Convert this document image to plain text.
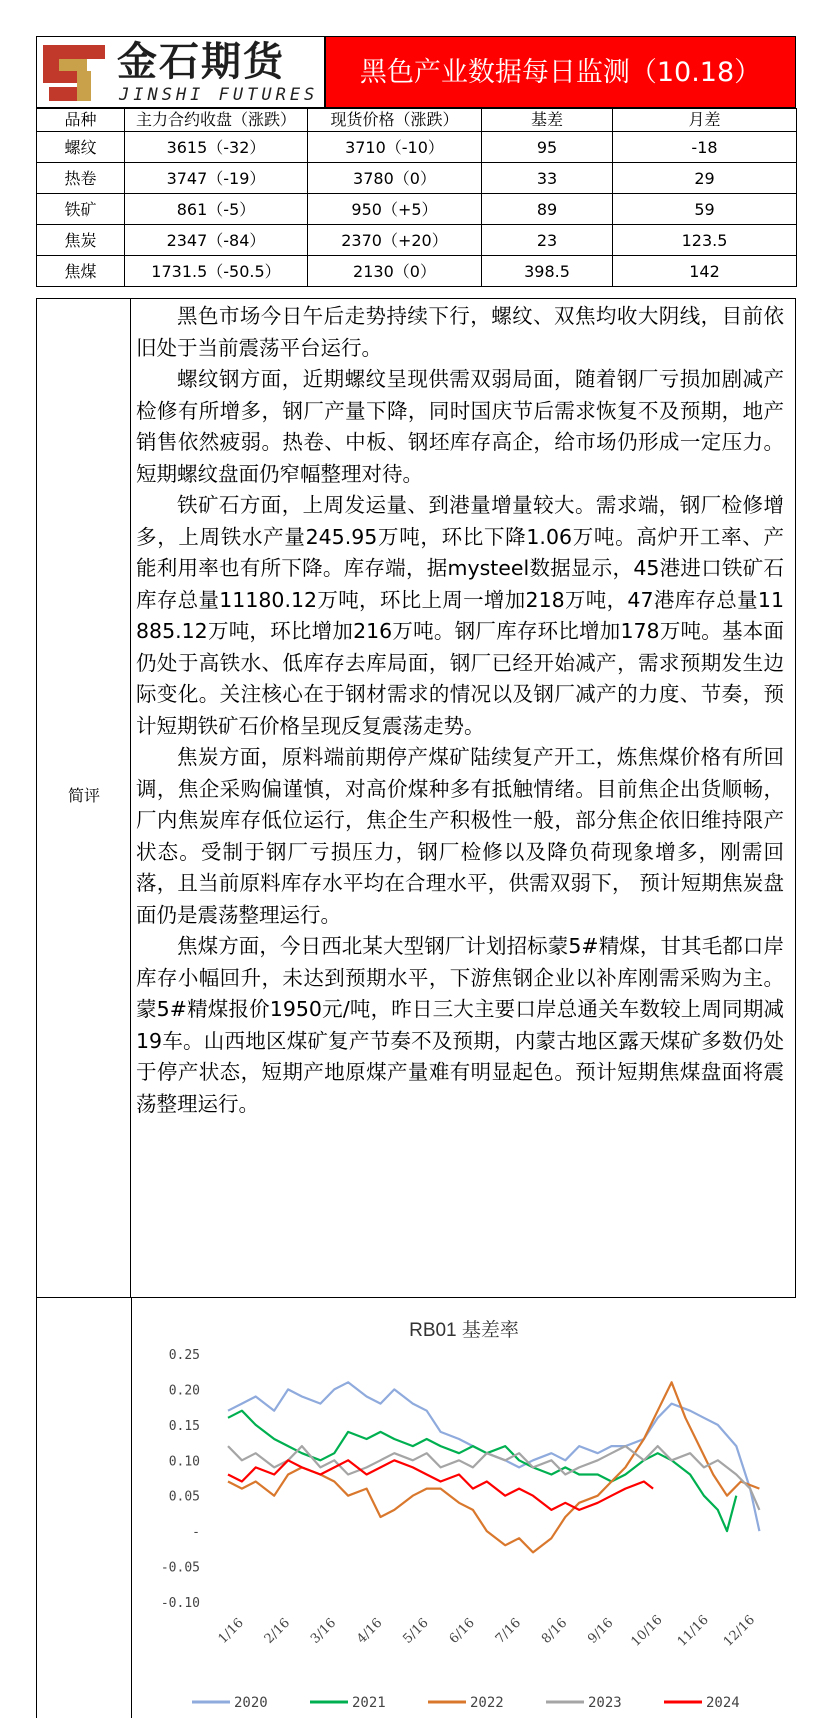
金石期货
JINSHI FUTURES
黑色产业数据每日监测（10.18）
品种	主力合约收盘（涨跌）	现货价格（涨跌）	基差	月差
螺纹	3615（-32）	3710（-10）	95	-18
热卷	3747（-19）	3780（0）	33	29
铁矿	861（-5）	950（+5）	89	59
焦炭	2347（-84）	2370（+20）	23	123.5
焦煤	1731.5（-50.5）	2130（0）	398.5	142
简评

黑色市场今日午后走势持续下行，螺纹、双焦均收大阴线，目前依旧处于当前震荡平台运行。

螺纹钢方面，近期螺纹呈现供需双弱局面，随着钢厂亏损加剧减产检修有所增多，钢厂产量下降，同时国庆节后需求恢复不及预期，地产销售依然疲弱。热卷、中板、钢坯库存高企，给市场仍形成一定压力。短期螺纹盘面仍窄幅整理对待。

铁矿石方面，上周发运量、到港量增量较大。需求端，钢厂检修增多，上周铁水产量245.95万吨，环比下降1.06万吨。高炉开工率、产能利用率也有所下降。库存端，据mysteel数据显示，45港进口铁矿石库存总量11180.12万吨，环比上周一增加218万吨，47港库存总量11885.12万吨，环比增加216万吨。钢厂库存环比增加178万吨。基本面仍处于高铁水、低库存去库局面，钢厂已经开始减产，需求预期发生边际变化。关注核心在于钢材需求的情况以及钢厂减产的力度、节奏，预计短期铁矿石价格呈现反复震荡走势。

焦炭方面，原料端前期停产煤矿陆续复产开工，炼焦煤价格有所回调，焦企采购偏谨慎，对高价煤种多有抵触情绪。目前焦企出货顺畅，厂内焦炭库存低位运行，焦企生产积极性一般，部分焦企依旧维持限产状态。受制于钢厂亏损压力，钢厂检修以及降负荷现象增多，刚需回落，且当前原料库存水平均在合理水平，供需双弱下， 预计短期焦炭盘面仍是震荡整理运行。

焦煤方面，今日西北某大型钢厂计划招标蒙5#精煤，甘其毛都口岸库存小幅回升，未达到预期水平，下游焦钢企业以补库刚需采购为主。蒙5#精煤报价1950元/吨，昨日三大主要口岸总通关车数较上周同期减19车。山西地区煤矿复产节奏不及预期，内蒙古地区露天煤矿多数仍处于停产状态，短期产地原煤产量难有明显起色。预计短期焦煤盘面将震荡整理运行。

RB01 基差率
0.25
0.20
0.15
0.10
0.05
-
-0.05
-0.10
1/16 2/16 3/16 4/16 5/16 6/16 7/16 8/16 9/16 10/16 11/16 12/16
2020	2021	2022	2023	2024
